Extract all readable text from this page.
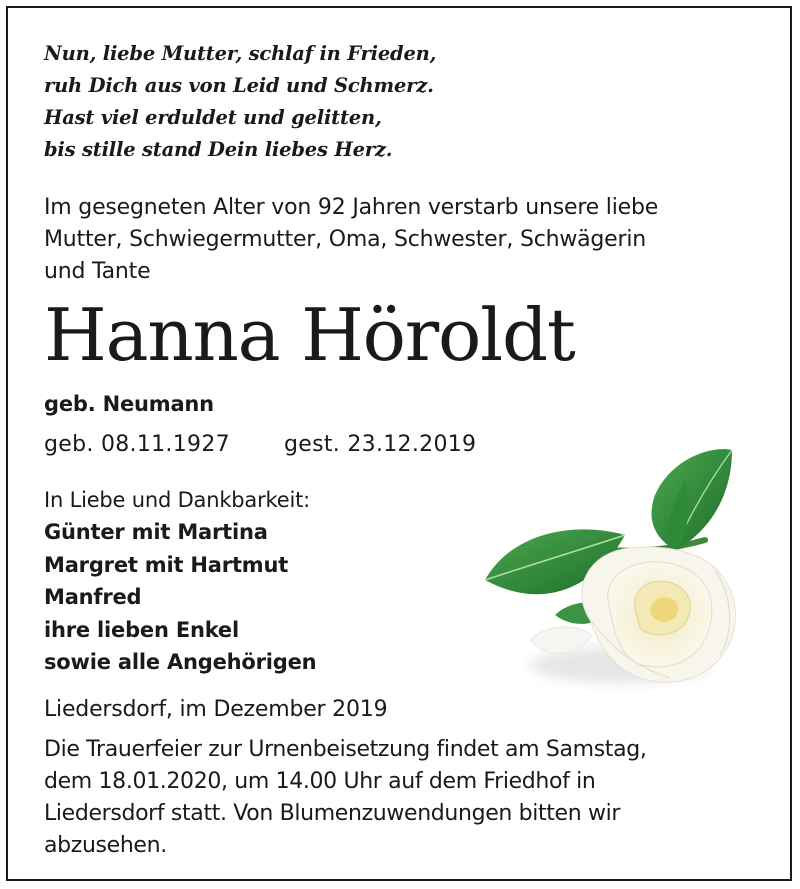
Nun, liebe Mutter, schlaf in Frieden,
ruh Dich aus von Leid und Schmerz.
Hast viel erduldet und gelitten,
bis stille stand Dein liebes Herz.
Im gesegneten Alter von 92 Jahren verstarb unsere liebe
Mutter, Schwiegermutter, Oma, Schwester, Schwägerin
und Tante
Hanna Höroldt
geb. Neumann
geb. 08.11.1927 gest. 23.12.2019
In Liebe und Dankbarkeit:
Günter mit Martina
Margret mit Hartmut
Manfred
ihre lieben Enkel
sowie alle Angehörigen
Liedersdorf, im Dezember 2019
Die Trauerfeier zur Urnenbeisetzung findet am Samstag,
dem 18.01.2020, um 14.00 Uhr auf dem Friedhof in
Liedersdorf statt. Von Blumenzuwendungen bitten wir
abzusehen.
